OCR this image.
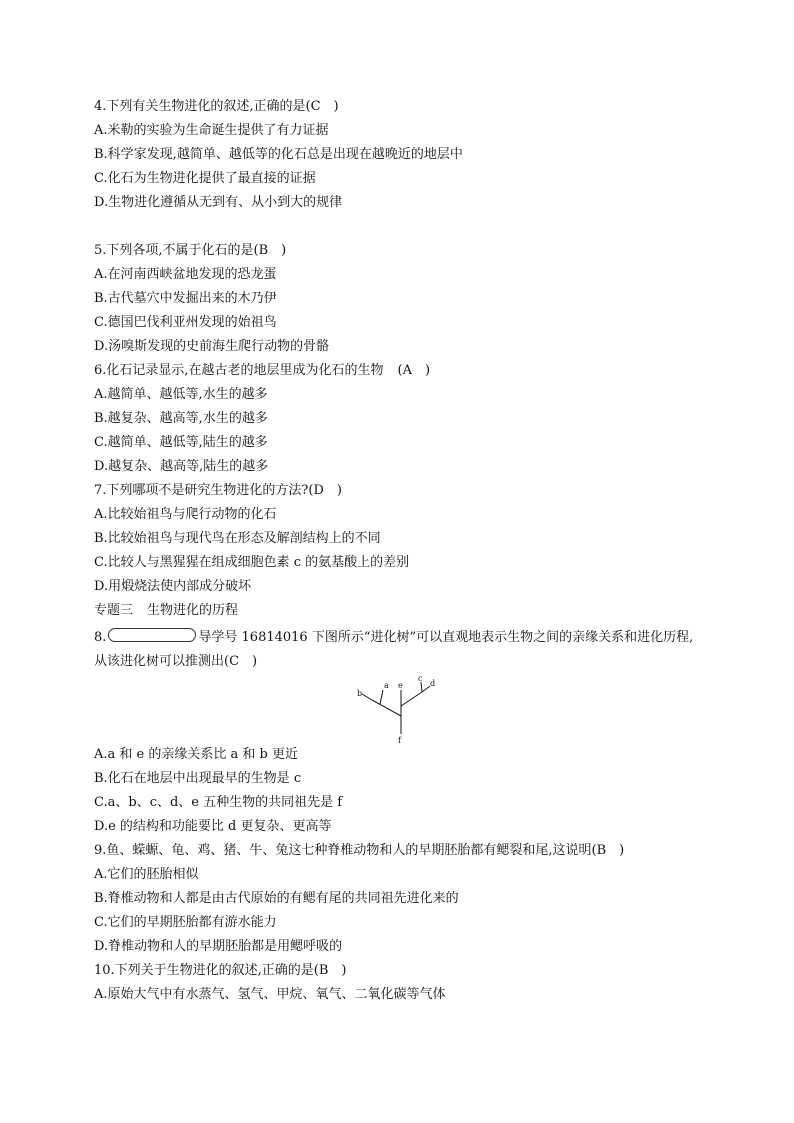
4.下列有关生物进化的叙述,正确的是(C　)
A.米勒的实验为生命诞生提供了有力证据
B.科学家发现,越简单、越低等的化石总是出现在越晚近的地层中
C.化石为生物进化提供了最直接的证据
D.生物进化遵循从无到有、从小到大的规律
5.下列各项,不属于化石的是(B　)
A.在河南西峡盆地发现的恐龙蛋
B.古代墓穴中发掘出来的木乃伊
C.德国巴伐利亚州发现的始祖鸟
D.汤嗅斯发现的史前海生爬行动物的骨骼
6.化石记录显示,在越古老的地层里成为化石的生物 (A　)
A.越简单、越低等,水生的越多
B.越复杂、越高等,水生的越多
C.越简单、越低等,陆生的越多
D.越复杂、越高等,陆生的越多
7.下列哪项不是研究生物进化的方法?(D　)
A.比较始祖鸟与爬行动物的化石
B.比较始祖鸟与现代鸟在形态及解剖结构上的不同
C.比较人与黑猩猩在组成细胞色素 c 的氨基酸上的差别
D.用煅烧法使内部成分破坏
专题三 生物进化的历程
8.	导学号 16814016 下图所示“进化树”可以直观地表示生物之间的亲缘关系和进化历程,从该进化树可以推测出(C　)
a
b
c
d
e
f
A.a 和 e 的亲缘关系比 a 和 b 更近
B.化石在地层中出现最早的生物是 c
C.a、b、c、d、e 五种生物的共同祖先是 f
D.e 的结构和功能要比 d 更复杂、更高等
9.鱼、蝾螈、龟、鸡、猪、牛、兔这七种脊椎动物和人的早期胚胎都有鳃裂和尾,这说明(B　)
A.它们的胚胎相似
B.脊椎动物和人都是由古代原始的有鳃有尾的共同祖先进化来的
C.它们的早期胚胎都有游水能力
D.脊椎动物和人的早期胚胎都是用鳃呼吸的
10.下列关于生物进化的叙述,正确的是(B　)
A.原始大气中有水蒸气、氢气、甲烷、氧气、二氧化碳等气体
